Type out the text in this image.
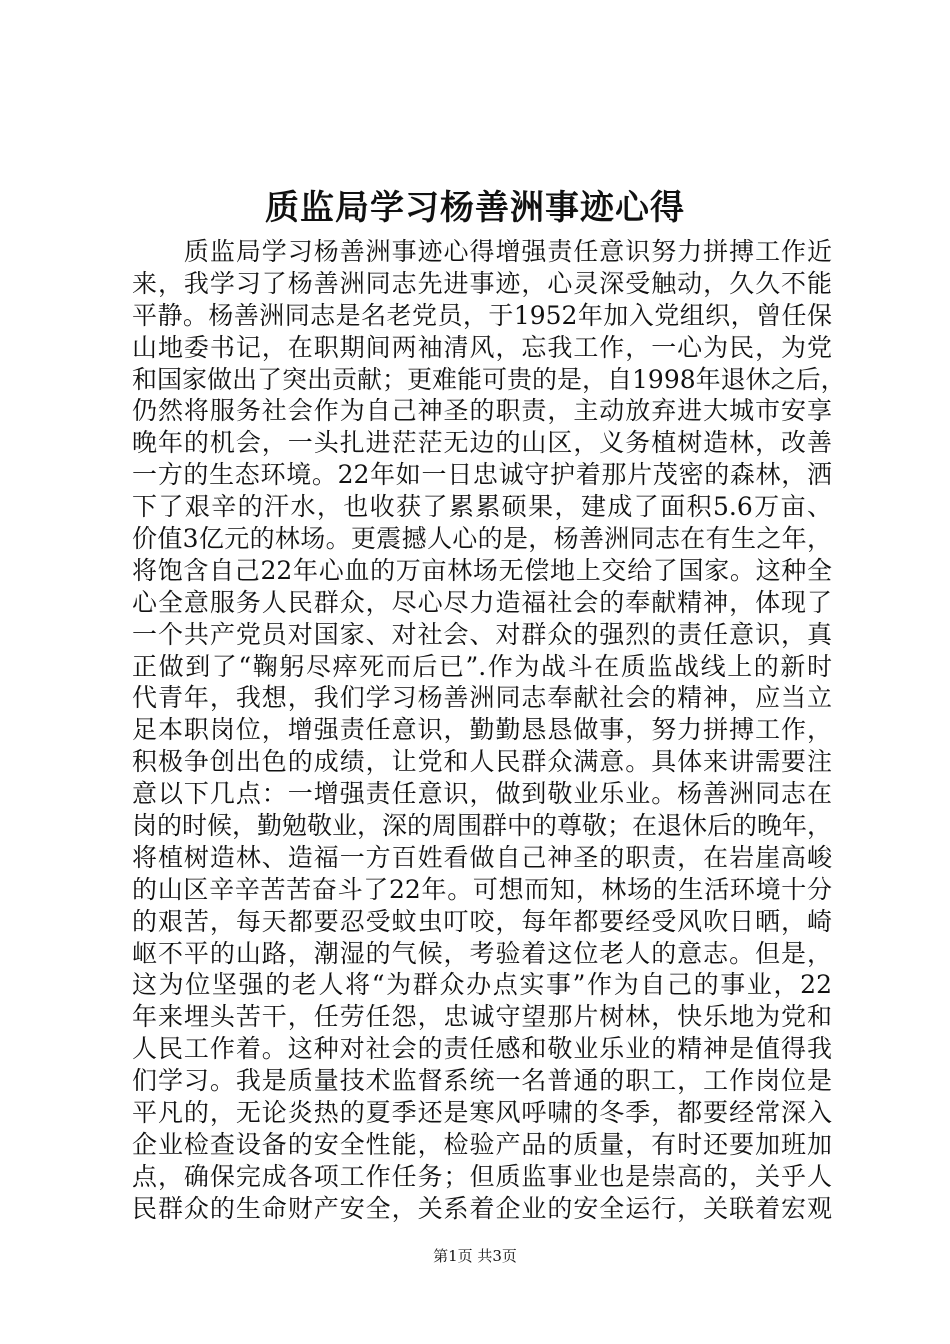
质监局学习杨善洲事迹心得
　　质监局学习杨善洲事迹心得增强责任意识努力拼搏工作近
来，我学习了杨善洲同志先进事迹，心灵深受触动，久久不能
平静。杨善洲同志是名老党员，于1952年加入党组织，曾任保
山地委书记，在职期间两袖清风，忘我工作，一心为民，为党
和国家做出了突出贡献；更难能可贵的是，自1998年退休之后，
仍然将服务社会作为自己神圣的职责，主动放弃进大城市安享
晚年的机会，一头扎进茫茫无边的山区，义务植树造林，改善
一方的生态环境。22年如一日忠诚守护着那片茂密的森林，洒
下了艰辛的汗水，也收获了累累硕果，建成了面积5.6万亩、
价值3亿元的林场。更震撼人心的是，杨善洲同志在有生之年，
将饱含自己22年心血的万亩林场无偿地上交给了国家。这种全
心全意服务人民群众，尽心尽力造福社会的奉献精神，体现了
一个共产党员对国家、对社会、对群众的强烈的责任意识，真
正做到了“鞠躬尽瘁死而后已”.作为战斗在质监战线上的新时
代青年，我想，我们学习杨善洲同志奉献社会的精神，应当立
足本职岗位，增强责任意识，勤勤恳恳做事，努力拼搏工作，
积极争创出色的成绩，让党和人民群众满意。具体来讲需要注
意以下几点：一增强责任意识，做到敬业乐业。杨善洲同志在
岗的时候，勤勉敬业，深的周围群中的尊敬；在退休后的晚年，
将植树造林、造福一方百姓看做自己神圣的职责，在岩崖高峻
的山区辛辛苦苦奋斗了22年。可想而知，林场的生活环境十分
的艰苦，每天都要忍受蚊虫叮咬，每年都要经受风吹日晒，崎
岖不平的山路，潮湿的气候，考验着这位老人的意志。但是，
这为位坚强的老人将“为群众办点实事”作为自己的事业，22
年来埋头苦干，任劳任怨，忠诚守望那片树林，快乐地为党和
人民工作着。这种对社会的责任感和敬业乐业的精神是值得我
们学习。我是质量技术监督系统一名普通的职工，工作岗位是
平凡的，无论炎热的夏季还是寒风呼啸的冬季，都要经常深入
企业检查设备的安全性能，检验产品的质量，有时还要加班加
点，确保完成各项工作任务；但质监事业也是崇高的，关乎人
民群众的生命财产安全，关系着企业的安全运行，关联着宏观
第1页 共3页
